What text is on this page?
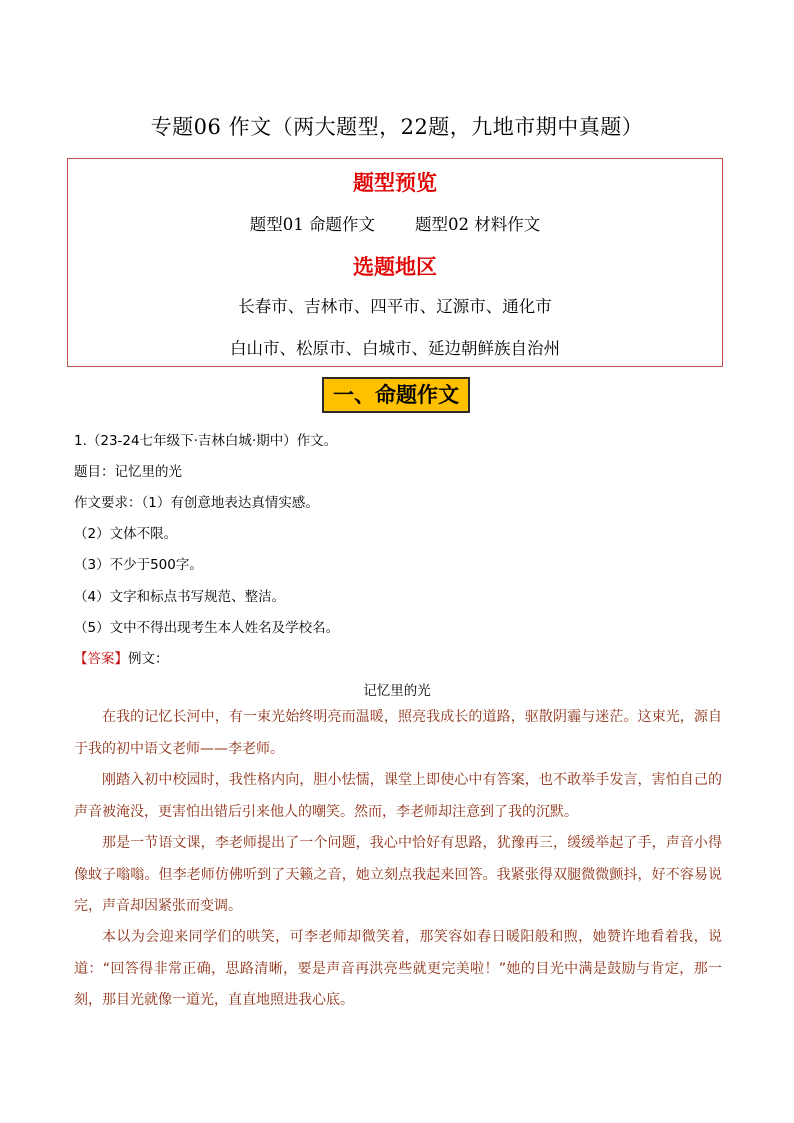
专题06 作文（两大题型，22题，九地市期中真题）
题型预览
题型01 命题作文 题型02 材料作文
选题地区
长春市、吉林市、四平市、辽源市、通化市
白山市、松原市、白城市、延边朝鲜族自治州
一、命题作文
1.（23-24七年级下·吉林白城·期中）作文。
题目：记忆里的光
作文要求：（1）有创意地表达真情实感。
（2）文体不限。
（3）不少于500字。
（4）文字和标点书写规范、整洁。
（5）文中不得出现考生本人姓名及学校名。
【答案】例文：
记忆里的光
在我的记忆长河中，有一束光始终明亮而温暖，照亮我成长的道路，驱散阴霾与迷茫。这束光，源自于我的初中语文老师——李老师。
刚踏入初中校园时，我性格内向，胆小怯懦，课堂上即使心中有答案，也不敢举手发言，害怕自己的声音被淹没，更害怕出错后引来他人的嘲笑。然而，李老师却注意到了我的沉默。
那是一节语文课，李老师提出了一个问题，我心中恰好有思路，犹豫再三，缓缓举起了手，声音小得像蚊子嗡嗡。但李老师仿佛听到了天籁之音，她立刻点我起来回答。我紧张得双腿微微颤抖，好不容易说完，声音却因紧张而变调。
本以为会迎来同学们的哄笑，可李老师却微笑着，那笑容如春日暖阳般和煦，她赞许地看着我，说道：“回答得非常正确，思路清晰，要是声音再洪亮些就更完美啦！”她的目光中满是鼓励与肯定，那一刻，那目光就像一道光，直直地照进我心底。
